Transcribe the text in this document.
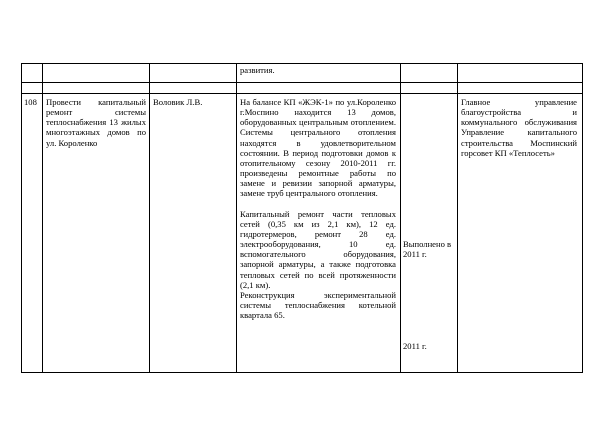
развития.
108	Провести капитальный ремонт системы теплоснабжения 13 жилых многоэтажных домов по ул. Короленко
Воловик Л.В.	На балансе КП «ЖЭК-1» по ул.Короленко г.Моспино находится 13 домов, оборудованных центральным отоплением. Системы центрального отопления находятся в удовлетворительном состоянии. В период подготовки домов к отопительному сезону 2010-2011 гг. произведены ремонтные работы по замене и ревизии запорной арматуры, замене труб центрального отопления.

Капитальный ремонт части тепловых сетей (0,35 км из 2,1 км), 12 ед. гидротермеров, ремонт 28 ед. электрооборудования, 10 ед. вспомогательного оборудования, запорной арматуры, а также подготовка тепловых сетей по всей протяженности (2,1 км).

Реконструкция экспериментальной системы теплоснабжения котельной квартала 65.

Выполнено в 2011 г.
2011 г.
Главное управление благоустройства и коммунального обслуживания Управление капитального строительства Моспинский горсовет КП «Теплосеть»
